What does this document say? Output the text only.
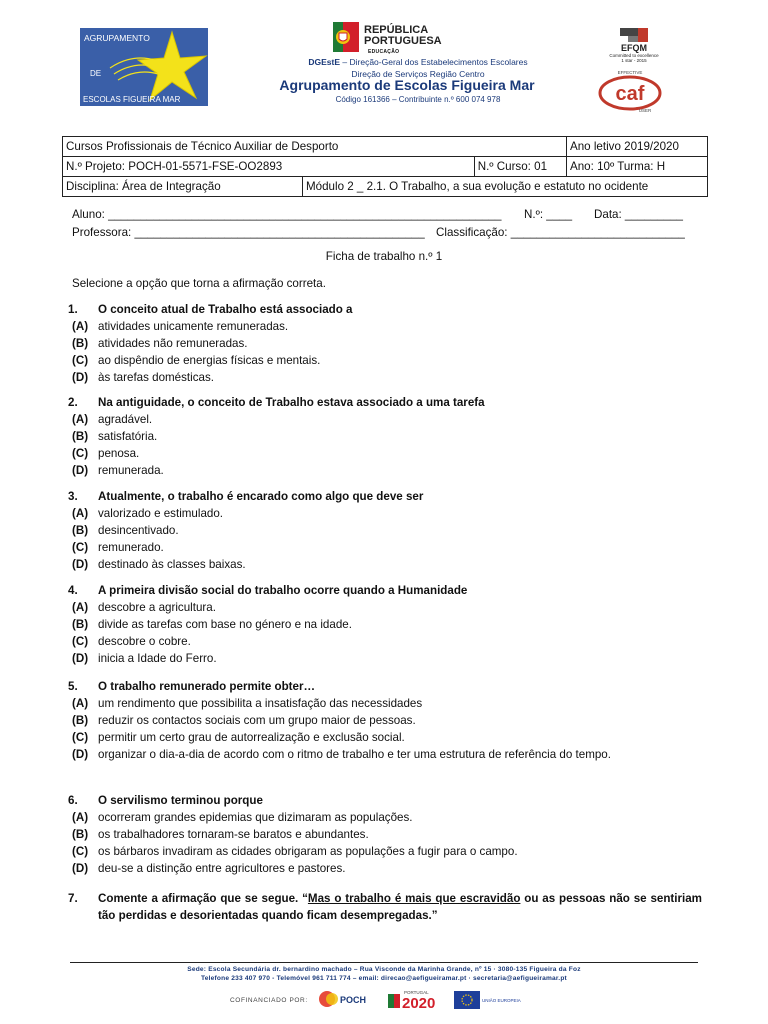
AGRUPAMENTO
DE
ESCOLAS FIGUEIRA MAR
REPÚBLICA
PORTUGUESA
EDUCAÇÃO
DGEstE – Direção-Geral dos Estabelecimentos Escolares
Direção de Serviços Região Centro
Agrupamento de Escolas Figueira Mar
Código 161366 – Contribuinte n.º 600 074 978
EFQM
Committed to excellence
1 star - 2015
EFFECTIVE
caf
USER
Cursos Profissionais de Técnico Auxiliar de Desporto			Ano letivo 2019/2020
N.º Projeto: POCH-01-5571-FSE-OO2893		N.º Curso: 01	Ano: 10º Turma: H
Disciplina: Área de Integração	Módulo 2 _ 2.1. O Trabalho, a sua evolução e estatuto no ocidente		
Aluno: _____________________________________________________________ N.º: ____ Data: _________
Professora: _____________________________________________ Classificação: ___________________________
Ficha de trabalho n.º 1
Selecione a opção que torna a afirmação correta.
1. O conceito atual de Trabalho está associado a
(A) atividades unicamente remuneradas.
(B) atividades não remuneradas.
(C) ao dispêndio de energias físicas e mentais.
(D) às tarefas domésticas.
2. Na antiguidade, o conceito de Trabalho estava associado a uma tarefa
(A) agradável.
(B) satisfatória.
(C) penosa.
(D) remunerada.
3. Atualmente, o trabalho é encarado como algo que deve ser
(A) valorizado e estimulado.
(B) desincentivado.
(C) remunerado.
(D) destinado às classes baixas.
4. A primeira divisão social do trabalho ocorre quando a Humanidade
(A) descobre a agricultura.
(B) divide as tarefas com base no género e na idade.
(C) descobre o cobre.
(D) inicia a Idade do Ferro.
5. O trabalho remunerado permite obter…
(A) um rendimento que possibilita a insatisfação das necessidades
(B) reduzir os contactos sociais com um grupo maior de pessoas.
(C) permitir um certo grau de autorrealização e exclusão social.
(D) organizar o dia-a-dia de acordo com o ritmo de trabalho e ter uma estrutura de referência do tempo.
6. O servilismo terminou porque
(A) ocorreram grandes epidemias que dizimaram as populações.
(B) os trabalhadores tornaram-se baratos e abundantes.
(C) os bárbaros invadiram as cidades obrigaram as populações a fugir para o campo.
(D) deu-se a distinção entre agricultores e pastores.
7. Comente a afirmação que se segue. “Mas o trabalho é mais que escravidão ou as pessoas não se sentiriam tão perdidas e desorientadas quando ficam desempregadas.”
Sede: Escola Secundária dr. bernardino machado – Rua Visconde da Marinha Grande, nº 15 · 3080-135 Figueira da Foz
Telefone 233 407 970 - Telemóvel 961 711 774 – email: direcao@aefigueiramar.pt · secretaria@aefigueiramar.pt
COFINANCIADO POR:	POCH
PORTUGAL
2020	UNIÃO EUROPEIA
